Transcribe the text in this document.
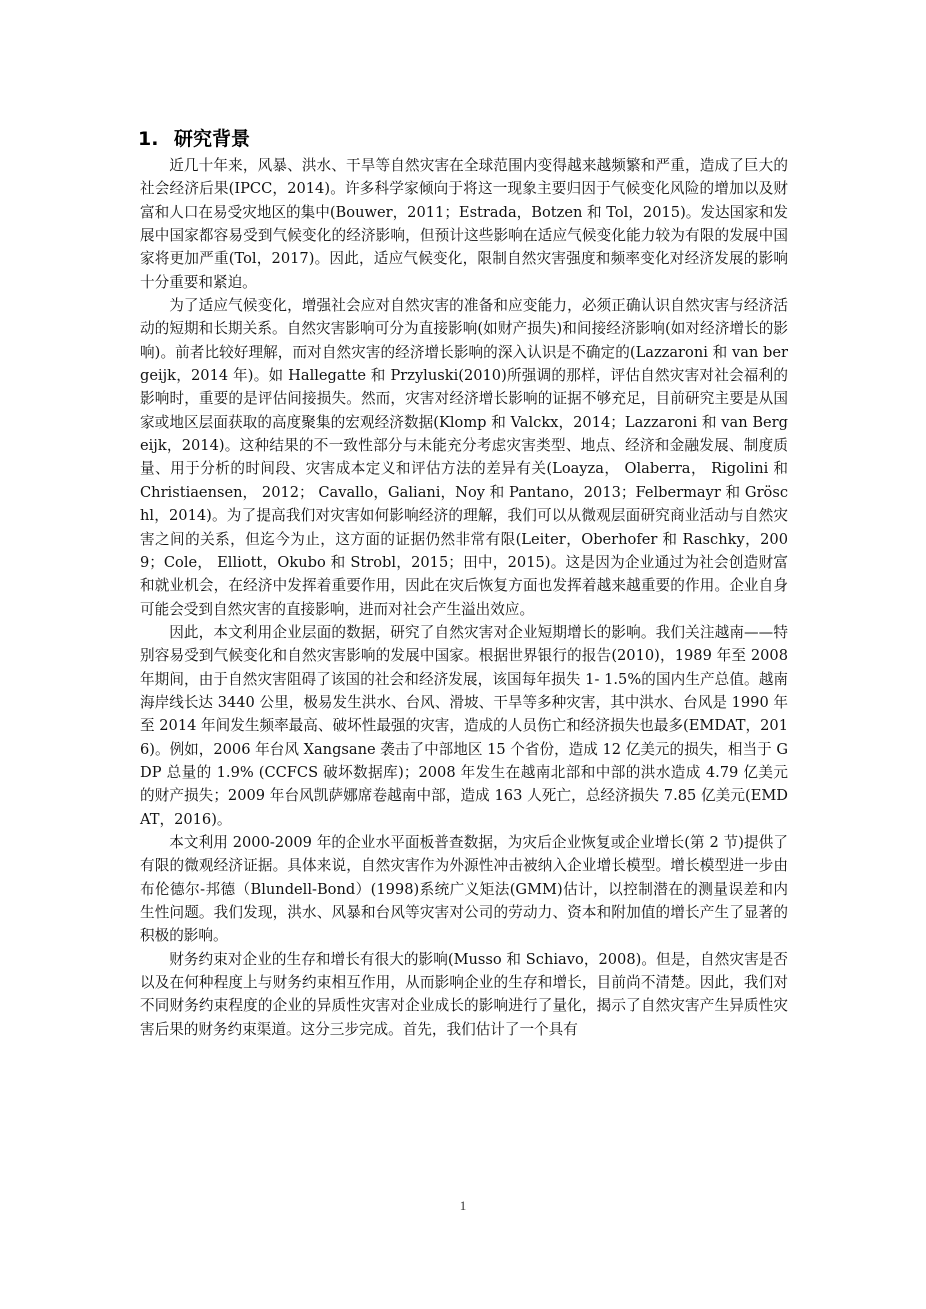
1. 研究背景

近几十年来，风暴、洪水、干旱等自然灾害在全球范围内变得越来越频繁和严重，造成了巨大的社会经济后果(IPCC，2014)。许多科学家倾向于将这一现象主要归因于气候变化风险的增加以及财富和人口在易受灾地区的集中(Bouwer，2011；Estrada，Botzen 和 Tol，2015)。发达国家和发展中国家都容易受到气候变化的经济影响，但预计这些影响在适应气候变化能力较为有限的发展中国家将更加严重(Tol，2017)。因此，适应气候变化，限制自然灾害强度和频率变化对经济发展的影响十分重要和紧迫。

为了适应气候变化，增强社会应对自然灾害的准备和应变能力，必须正确认识自然灾害与经济活动的短期和长期关系。自然灾害影响可分为直接影响(如财产损失)和间接经济影响(如对经济增长的影响)。前者比较好理解，而对自然灾害的经济增长影响的深入认识是不确定的(Lazzaroni 和 van bergeijk，2014 年)。如 Hallegatte 和 Przyluski(2010)所强调的那样，评估自然灾害对社会福利的影响时，重要的是评估间接损失。然而，灾害对经济增长影响的证据不够充足，目前研究主要是从国家或地区层面获取的高度聚集的宏观经济数据(Klomp 和 Valckx，2014；Lazzaroni 和 van Bergeijk，2014)。这种结果的不一致性部分与未能充分考虑灾害类型、地点、经济和金融发展、制度质量、用于分析的时间段、灾害成本定义和评估方法的差异有关(Loayza， Olaberra， Rigolini 和 Christiaensen， 2012； Cavallo，Galiani，Noy 和 Pantano，2013；Felbermayr 和 Gröschl，2014)。为了提高我们对灾害如何影响经济的理解，我们可以从微观层面研究商业活动与自然灾害之间的关系，但迄今为止，这方面的证据仍然非常有限(Leiter，Oberhofer 和 Raschky，2009；Cole， Elliott，Okubo 和 Strobl，2015；田中，2015)。这是因为企业通过为社会创造财富和就业机会，在经济中发挥着重要作用，因此在灾后恢复方面也发挥着越来越重要的作用。企业自身可能会受到自然灾害的直接影响，进而对社会产生溢出效应。

因此，本文利用企业层面的数据，研究了自然灾害对企业短期增长的影响。我们关注越南——特别容易受到气候变化和自然灾害影响的发展中国家。根据世界银行的报告(2010)，1989 年至 2008 年期间，由于自然灾害阻碍了该国的社会和经济发展，该国每年损失 1- 1.5%的国内生产总值。越南海岸线长达 3440 公里，极易发生洪水、台风、滑坡、干旱等多种灾害，其中洪水、台风是 1990 年至 2014 年间发生频率最高、破坏性最强的灾害，造成的人员伤亡和经济损失也最多(EMDAT，2016)。例如，2006 年台风 Xangsane 袭击了中部地区 15 个省份，造成 12 亿美元的损失，相当于 GDP 总量的 1.9% (CCFCS 破坏数据库)；2008 年发生在越南北部和中部的洪水造成 4.79 亿美元的财产损失；2009 年台风凯萨娜席卷越南中部，造成 163 人死亡，总经济损失 7.85 亿美元(EMDAT，2016)。

本文利用 2000-2009 年的企业水平面板普查数据，为灾后企业恢复或企业增长(第 2 节)提供了有限的微观经济证据。具体来说，自然灾害作为外源性冲击被纳入企业增长模型。增长模型进一步由布伦德尔-邦德（Blundell-Bond）(1998)系统广义矩法(GMM)估计，以控制潜在的测量误差和内生性问题。我们发现，洪水、风暴和台风等灾害对公司的劳动力、资本和附加值的增长产生了显著的积极的影响。

财务约束对企业的生存和增长有很大的影响(Musso 和 Schiavo，2008)。但是，自然灾害是否以及在何种程度上与财务约束相互作用，从而影响企业的生存和增长，目前尚不清楚。因此，我们对不同财务约束程度的企业的异质性灾害对企业成长的影响进行了量化，揭示了自然灾害产生异质性灾害后果的财务约束渠道。这分三步完成。首先，我们估计了一个具有

1
